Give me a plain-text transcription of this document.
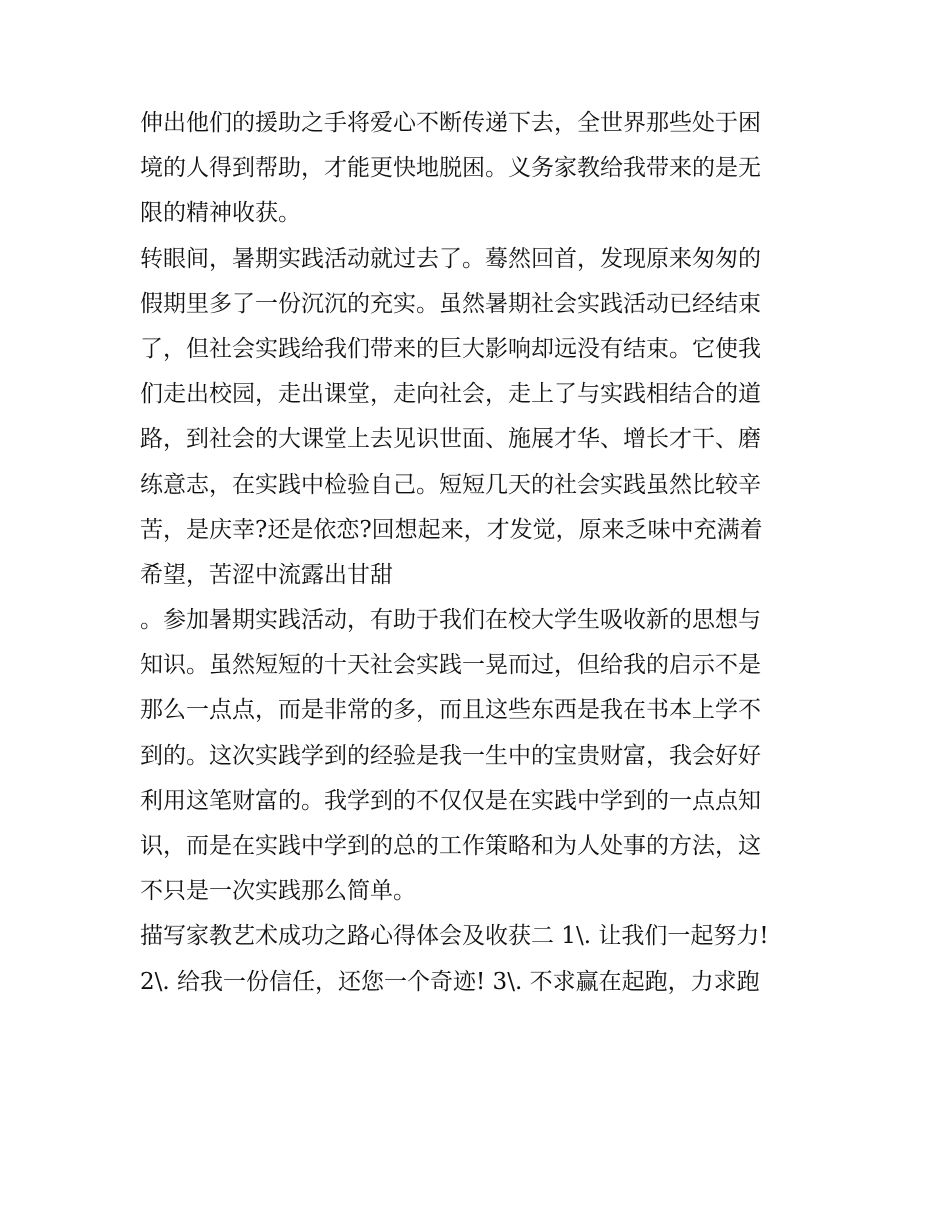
伸出他们的援助之手将爱心不断传递下去，全世界那些处于困
境的人得到帮助，才能更快地脱困。义务家教给我带来的是无
限的精神收获。
转眼间，暑期实践活动就过去了。蓦然回首，发现原来匆匆的
假期里多了一份沉沉的充实。虽然暑期社会实践活动已经结束
了，但社会实践给我们带来的巨大影响却远没有结束。它使我
们走出校园，走出课堂，走向社会，走上了与实践相结合的道
路，到社会的大课堂上去见识世面、施展才华、增长才干、磨
练意志，在实践中检验自己。短短几天的社会实践虽然比较辛
苦，是庆幸?还是依恋?回想起来，才发觉，原来乏味中充满着
希望，苦涩中流露出甘甜
。参加暑期实践活动，有助于我们在校大学生吸收新的思想与
知识。虽然短短的十天社会实践一晃而过，但给我的启示不是
那么一点点，而是非常的多，而且这些东西是我在书本上学不
到的。这次实践学到的经验是我一生中的宝贵财富，我会好好
利用这笔财富的。我学到的不仅仅是在实践中学到的一点点知
识，而是在实践中学到的总的工作策略和为人处事的方法，这
不只是一次实践那么简单。
描写家教艺术成功之路心得体会及收获二 1\. 让我们一起努力!
2\. 给我一份信任，还您一个奇迹! 3\. 不求赢在起跑，力求跑
